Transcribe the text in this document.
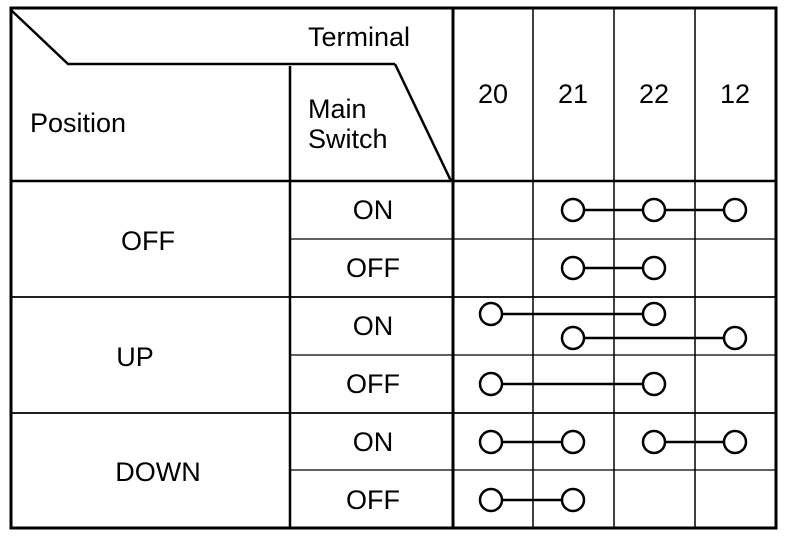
Terminal
Main
Switch
Position
20 21 22 12
OFF
UP
DOWN
ON
OFF
ON
OFF
ON
OFF
